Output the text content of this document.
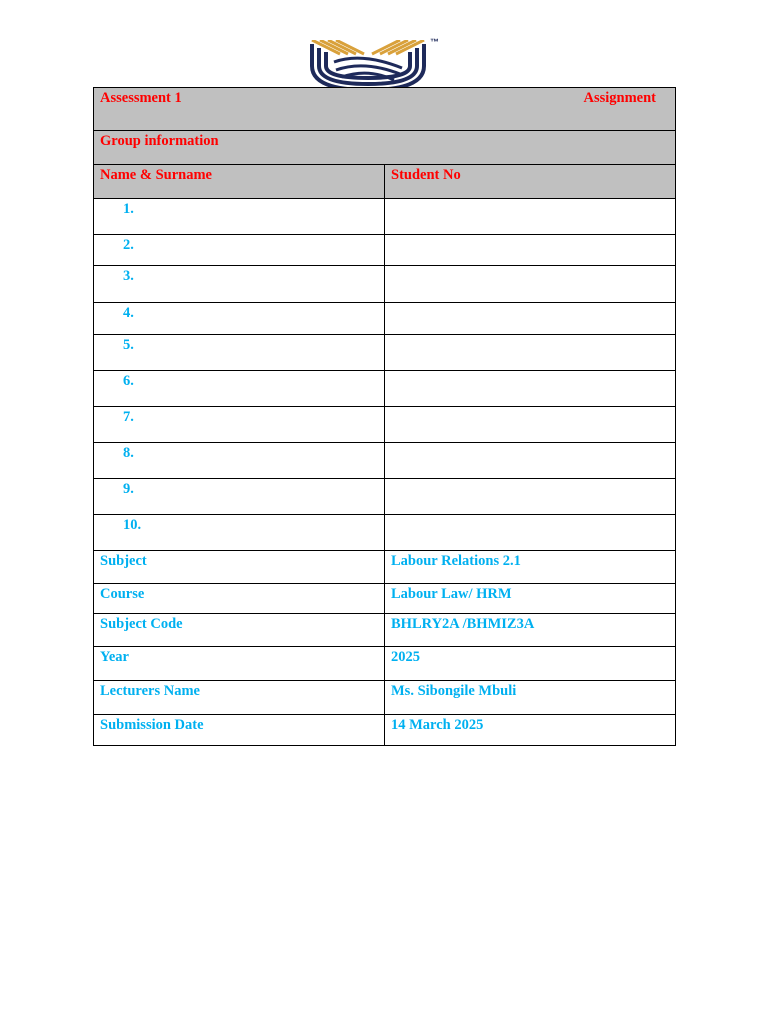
™
Assessment 1 Assignment	

Group information	
Name & Surname	Student No
1.	
2.	
3.	
4.	
5.	
6.	
7.	
8.	
9.	
10.	
Subject	Labour Relations 2.1
Course	Labour Law/ HRM
Subject Code	BHLRY2A /BHMIZ3A
Year	2025
Lecturers Name	Ms. Sibongile Mbuli
Submission Date	14 March 2025
